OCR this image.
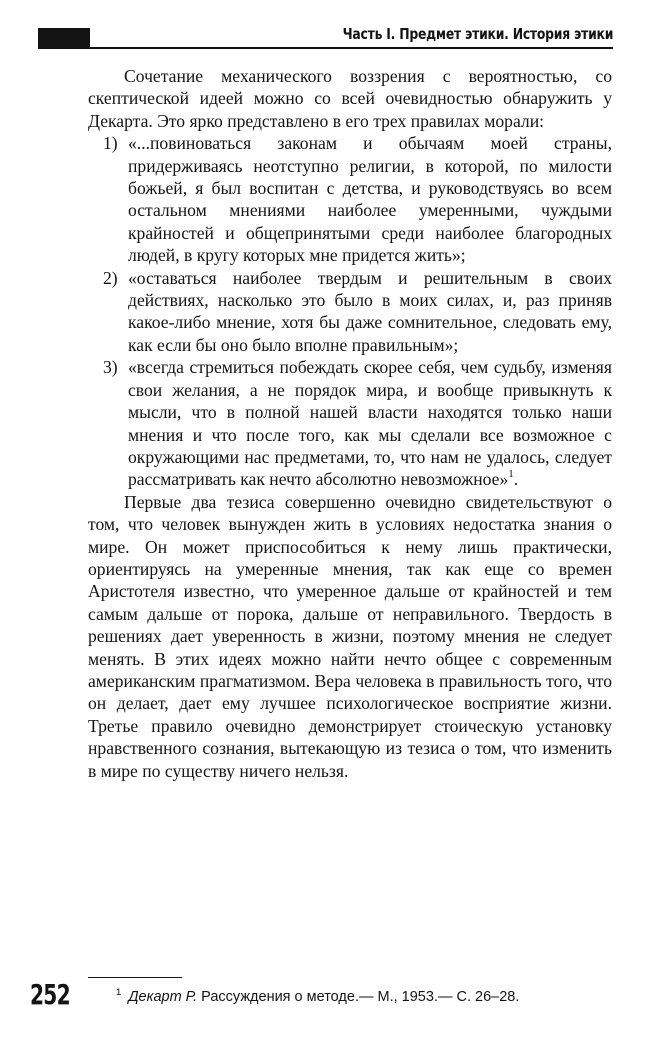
Часть I. Предмет этики. История этики

Сочетание механического воззрения с вероятностью, со скептической идеей можно со всей очевидностью обнаружить у Декарта. Это ярко представлено в его трех правилах морали:

1) «...повиноваться законам и обычаям моей страны, придерживаясь неотступно религии, в которой, по милости божьей, я был воспитан с детства, и руководствуясь во всем остальном мнениями наиболее умеренными, чуждыми крайностей и общепринятыми среди наиболее благородных людей, в кругу которых мне придется жить»;
2) «оставаться наиболее твердым и решительным в своих действиях, насколько это было в моих силах, и, раз приняв какое-либо мнение, хотя бы даже сомнительное, следовать ему, как если бы оно было вполне правильным»;
3) «всегда стремиться побеждать скорее себя, чем судьбу, изменяя свои желания, а не порядок мира, и вообще привыкнуть к мысли, что в полной нашей власти находятся только наши мнения и что после того, как мы сделали все возможное с окружающими нас предметами, то, что нам не удалось, следует рассматривать как нечто абсолютно невозможное»$^1$.

Первые два тезиса совершенно очевидно свидетельствуют о том, что человек вынужден жить в условиях недостатка знания о мире. Он может приспособиться к нему лишь практически, ориентируясь на умеренные мнения, так как еще со времен Аристотеля известно, что умеренное дальше от крайностей и тем самым дальше от порока, дальше от неправильного. Твердость в решениях дает уверенность в жизни, поэтому мнения не следует менять. В этих идеях можно найти нечто общее с современным американским прагматизмом. Вера человека в правильность того, что он делает, дает ему лучшее психологическое восприятие жизни. Третье правило очевидно демонстрирует стоическую установку нравственного сознания, вытекающую из тезиса о том, что изменить в мире по существу ничего нельзя.

252	$^1$ Декарт Р. Рассуждения о методе.— М., 1953.— С. 26–28.
